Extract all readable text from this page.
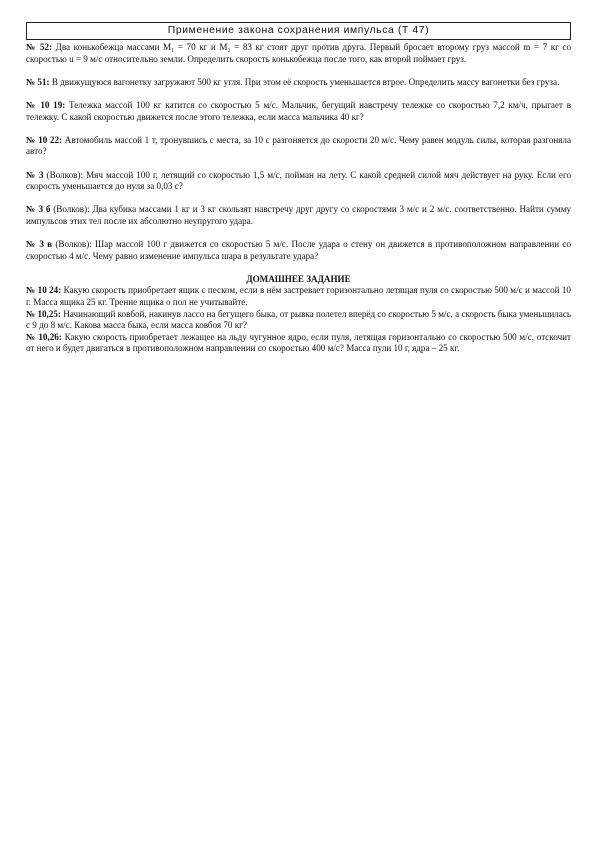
Применение закона сохранения импульса (Т 47)

№ 52: Два конькобежца массами М₁ = 70 кг и М₂ = 83 кг стоят друг против друга. Первый бросает второму груз массой m = 7 кг со скоростью u = 9 м/с относительно земли. Определить скорость конькобежца после того, как второй поймает груз.

№ 51: В движущуюся вагонетку загружают 500 кг угля. При этом её скорость уменьшается втрое. Определить массу вагонетки без груза.

№ 10 19: Тележка массой 100 кг катится со скоростью 5 м/с. Мальчик, бегущий навстречу тележке со скоростью 7,2 км/ч, прыгает в тележку. С какой скоростью движется после этого тележка, если масса мальчика 40 кг?

№ 10 22: Автомобиль массой 1 т, тронувшись с места, за 10 с разгоняется до скорости 20 м/с. Чему равен модуль силы, которая разгоняла авто?

№ 3 (Волков): Мяч массой 100 г, летящий со скоростью 1,5 м/с, пойман на лету. С какой средней силой мяч действует на руку. Если его скорость уменьшается до нуля за 0,03 с?

№ 3 б (Волков): Два кубика массами 1 кг и 3 кг скользят навстречу друг другу со скоростями 3 м/с и 2 м/с. соответственно. Найти сумму импульсов этих тел после их абсолютно неупругого удара.

№ 3 в (Волков): Шар массой 100 г движется со скоростью 5 м/с. После удара о стену он движется в противоположном направлении со скоростью 4 м/с. Чему равно изменение импульса шара в результате удара?

ДОМАШНЕЕ ЗАДАНИЕ

№ 10 24: Какую скорость приобретает ящик с песком, если в нём застревает горизонтально летящая пуля со скоростью 500 м/с и массой 10 г. Масса ящика 25 кг. Трение ящика о пол не учитывайте.

№ 10,25: Начинающий ковбой, накинув лассо на бегущего быка, от рывка полетел вперёд со скоростью 5 м/с, а скорость быка уменьшилась с 9 до 8 м/с. Какова масса быка, если масса ковбоя 70 кг?

№ 10,26: Какую скорость приобретает лежащее на льду чугунное ядро, если пуля, летящая горизонтально со скоростью 500 м/с, отскочит от него и будет двигаться в противоположном направлении со скоростью 400 м/с? Масса пули 10 г, ядра – 25 кг.
